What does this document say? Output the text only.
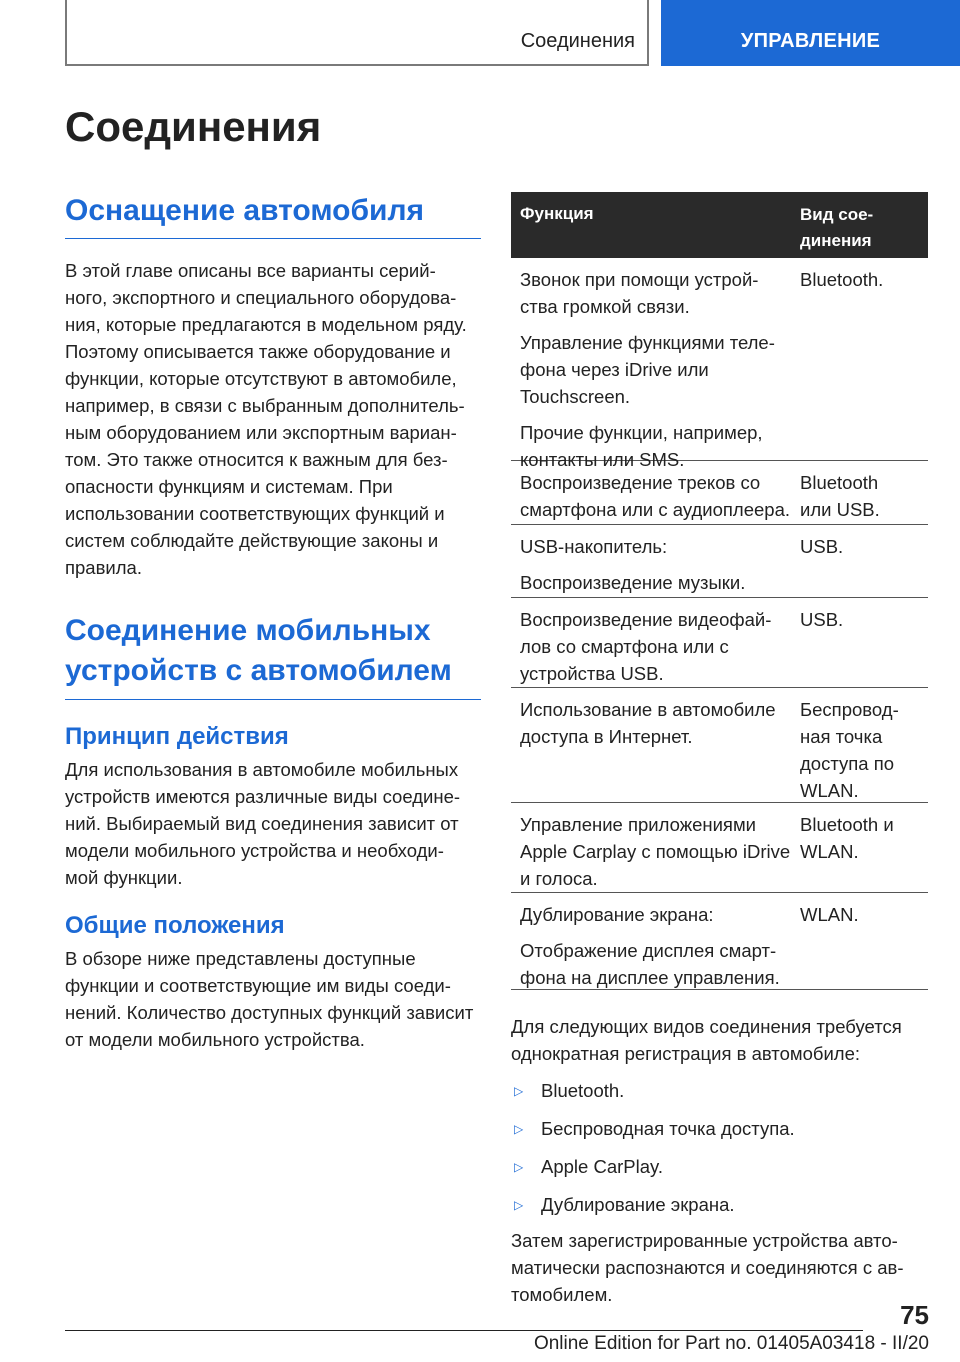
Соединения	УПРАВЛЕНИЕ
Соединения
Оснащение автомобиля
В этой главе описаны все варианты серий-
ного, экспортного и специального оборудова-
ния, которые предлагаются в модельном ряду.
Поэтому описывается также оборудование и
функции, которые отсутствуют в автомобиле,
например, в связи с выбранным дополнитель-
ным оборудованием или экспортным вариан-
том. Это также относится к важным для без-
опасности функциям и системам. При
использовании соответствующих функций и
систем соблюдайте действующие законы и
правила.
Соединение мобильных
устройств с автомобилем
Принцип действия
Для использования в автомобиле мобильных
устройств имеются различные виды соедине-
ний. Выбираемый вид соединения зависит от
модели мобильного устройства и необходи-
мой функции.
Общие положения
В обзоре ниже представлены доступные
функции и соответствующие им виды соеди-
нений. Количество доступных функций зависит
от модели мобильного устройства.
Функция	Вид сое-
динения
Звонок при помощи устрой-
ства громкой связи.
Управление функциями теле-
фона через iDrive или
Touchscreen.
Прочие функции, например,
контакты или SMS.
Bluetooth.
Воспроизведение треков со
смартфона или с аудиоплеера.
Bluetooth
или USB.
USB-накопитель:
Воспроизведение музыки.
USB.
Воспроизведение видеофай-
лов со смартфона или с
устройства USB.
USB.
Использование в автомобиле
доступа в Интернет.
Беспровод-
ная точка
доступа по
WLAN.
Управление приложениями
Apple Carplay с помощью iDrive
и голоса.
Bluetooth и
WLAN.
Дублирование экрана:
Отображение дисплея смарт-
фона на дисплее управления.
WLAN.
Для следующих видов соединения требуется
однократная регистрация в автомобиле:
▷ Bluetooth.
▷ Беспроводная точка доступа.
▷ Apple CarPlay.
▷ Дублирование экрана.
Затем зарегистрированные устройства авто-
матически распознаются и соединяются с ав-
томобилем.
75
Online Edition for Part no. 01405A03418 - II/20
